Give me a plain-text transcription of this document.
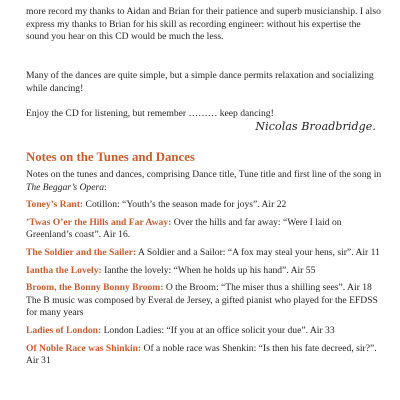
more record my thanks to Aidan and Brian for their patience and superb musicianship. I also express my thanks to Brian for his skill as recording engineer: without his expertise the sound you hear on this CD would be much the less.

Many of the dances are quite simple, but a simple dance permits relaxation and socializing while dancing!

Enjoy the CD for listening, but remember ……… keep dancing!

Nicolas Broadbridge.
Notes on the Tunes and Dances

Notes on the tunes and dances, comprising Dance title, Tune title and first line of the song in The Beggar’s Opera:

Toney’s Rant: Cotillon: “Youth’s the season made for joys”. Air 22

’Twas O’er the Hills and Far Away: Over the hills and far away: “Were I laid on Greenland’s coast”. Air 16.

The Soldier and the Sailer: A Soldier and a Sailor: “A fox may steal your hens, sir”. Air 11

Iantha the Lovely: Ianthe the lovely: “When he holds up his hand”. Air 55

Broom, the Bonny Bonny Broom: O the Broom: “The miser thus a shilling sees”. Air 18 The B music was composed by Everal de Jersey, a gifted pianist who played for the EFDSS for many years

Ladies of London: London Ladies: “If you at an office solicit your due”. Air 33

Of Noble Race was Shinkin: Of a noble race was Shenkin: “Is then his fate decreed, sir?”. Air 31
